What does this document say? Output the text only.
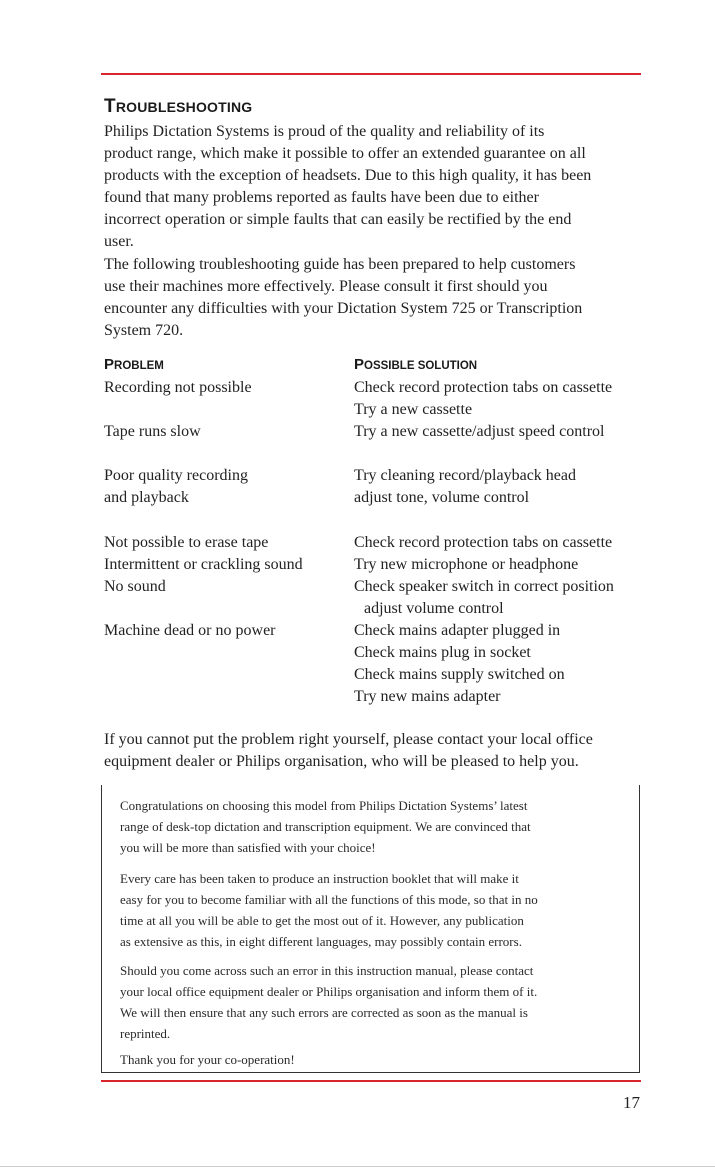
TROUBLESHOOTING
Philips Dictation Systems is proud of the quality and reliability of its
product range, which make it possible to offer an extended guarantee on all
products with the exception of headsets. Due to this high quality, it has been
found that many problems reported as faults have been due to either
incorrect operation or simple faults that can easily be rectified by the end
user.
The following troubleshooting guide has been prepared to help customers
use their machines more effectively. Please consult it first should you
encounter any difficulties with your Dictation System 725 or Transcription
System 720.
PROBLEM	POSSIBLE SOLUTION
Recording not possible
Tape runs slow
Poor quality recording
and playback
Not possible to erase tape
Intermittent or crackling sound
No sound
Machine dead or no power
Check record protection tabs on cassette
Try a new cassette
Try a new cassette/adjust speed control
Try cleaning record/playback head
adjust tone, volume control
Check record protection tabs on cassette
Try new microphone or headphone
Check speaker switch in correct position
adjust volume control
Check mains adapter plugged in
Check mains plug in socket
Check mains supply switched on
Try new mains adapter
If you cannot put the problem right yourself, please contact your local office
equipment dealer or Philips organisation, who will be pleased to help you.
Congratulations on choosing this model from Philips Dictation Systems’ latest
range of desk-top dictation and transcription equipment. We are convinced that
you will be more than satisfied with your choice!
Every care has been taken to produce an instruction booklet that will make it
easy for you to become familiar with all the functions of this mode, so that in no
time at all you will be able to get the most out of it. However, any publication
as extensive as this, in eight different languages, may possibly contain errors.
Should you come across such an error in this instruction manual, please contact
your local office equipment dealer or Philips organisation and inform them of it.
We will then ensure that any such errors are corrected as soon as the manual is
reprinted.
Thank you for your co-operation!
17
